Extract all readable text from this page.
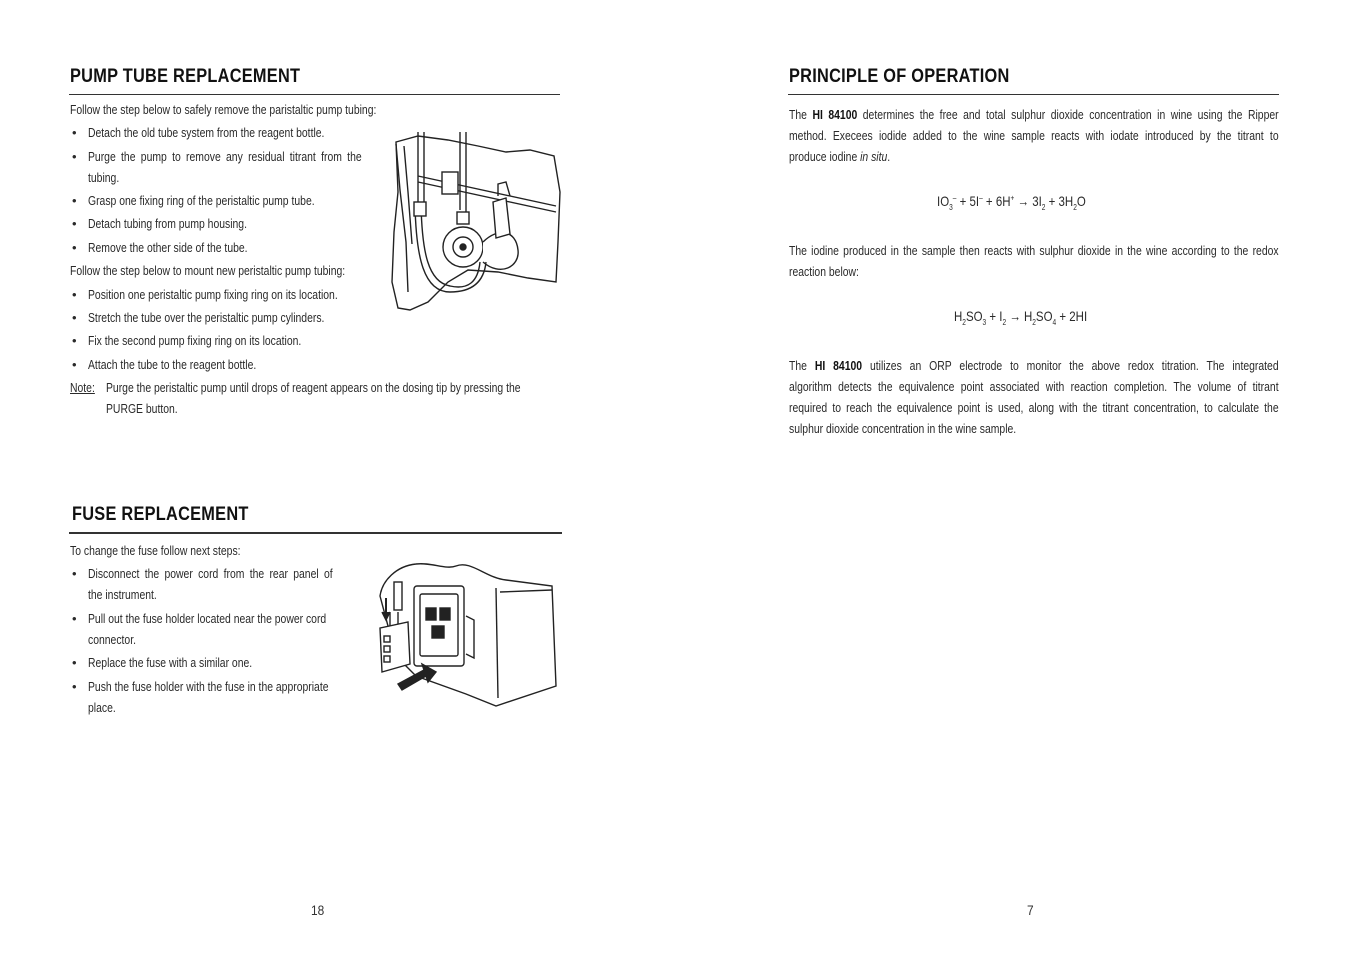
PUMP TUBE REPLACEMENT
Follow the step below to safely remove the paristaltic pump tubing:
• Detach the old tube system from the reagent bottle.
• Purge the pump to remove any residual titrant from the
tubing.
• Grasp one fixing ring of the peristaltic pump tube.
• Detach tubing from pump housing.
• Remove the other side of the tube.
Follow the step below to mount new peristaltic pump tubing:
• Position one peristaltic pump fixing ring on its location.
• Stretch the tube over the peristaltic pump cylinders.
• Fix the second pump fixing ring on its location.
• Attach the tube to the reagent bottle.
Note: Purge the peristaltic pump until drops of reagent appears on the dosing tip by pressing the
PURGE button.
FUSE REPLACEMENT
To change the fuse follow next steps:
• Disconnect the power cord from the rear panel of
the instrument.
• Pull out the fuse holder located near the power cord
connector.
• Replace the fuse with a similar one.
• Push the fuse holder with the fuse in the appropriate
place.
18
PRINCIPLE OF OPERATION
The HI 84100 determines the free and total sulphur dioxide concentration in wine using the Ripper
method. Execees iodide added to the wine sample reacts with iodate introduced by the titrant to
produce iodine in situ.
$IO_3^- + 5I^- + 6H^+ \to 3I_2 + 3H_2O$
The iodine produced in the sample then reacts with sulphur dioxide in the wine according to the redox
reaction below:
$H_2SO_3 + I_2 \to H_2SO_4 + 2HI$
The HI 84100 utilizes an ORP electrode to monitor the above redox titration. The integrated
algorithm detects the equivalence point associated with reaction completion. The volume of titrant
required to reach the equivalence point is used, along with the titrant concentration, to calculate the
sulphur dioxide concentration in the wine sample.
7
